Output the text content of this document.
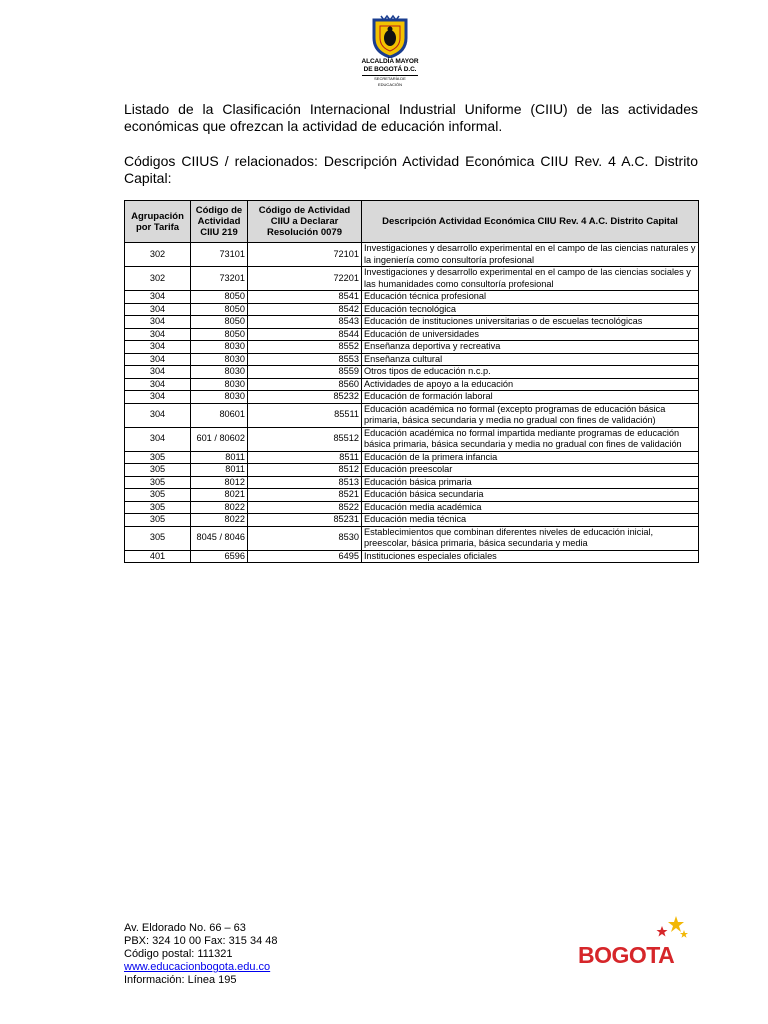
ALCALDÍA MAYOR
DE BOGOTÁ D.C.
SECRETARÍA DE EDUCACIÓN

Listado de la Clasificación Internacional Industrial Uniforme (CIIU) de las actividades económicas que ofrezcan la actividad de educación informal.

Códigos CIIUS / relacionados: Descripción Actividad Económica CIIU Rev. 4 A.C. Distrito Capital:

Agrupación por Tarifa	Código de Actividad CIIU 219	Código de Actividad CIIU a Declarar Resolución 0079	Descripción Actividad Económica CIIU Rev. 4 A.C. Distrito Capital
302	73101	72101	Investigaciones y desarrollo experimental en el campo de las ciencias naturales y la ingeniería como consultoría profesional
302	73201	72201	Investigaciones y desarrollo experimental en el campo de las ciencias sociales y las humanidades como consultoría profesional
304	8050	8541	Educación técnica profesional
304	8050	8542	Educación tecnológica
304	8050	8543	Educación de instituciones universitarias o de escuelas tecnológicas
304	8050	8544	Educación de universidades
304	8030	8552	Enseñanza deportiva y recreativa
304	8030	8553	Enseñanza cultural
304	8030	8559	Otros tipos de educación n.c.p.
304	8030	8560	Actividades de apoyo a la educación
304	8030	85232	Educación de formación laboral
304	80601	85511	Educación académica no formal (excepto programas de educación básica primaria, básica secundaria y media no gradual con fines de validación)
304	601 / 80602	85512	Educación académica no formal impartida mediante programas de educación básica primaria, básica secundaria y media no gradual con fines de validación
305	8011	8511	Educación de la primera infancia
305	8011	8512	Educación preescolar
305	8012	8513	Educación básica primaria
305	8021	8521	Educación básica secundaria
305	8022	8522	Educación media académica
305	8022	85231	Educación media técnica
305	8045 / 8046	8530	Establecimientos que combinan diferentes niveles de educación inicial, preescolar, básica primaria, básica secundaria y media
401	6596	6495	Instituciones especiales oficiales
Av. Eldorado No. 66 – 63
PBX: 324 10 00 Fax: 315 34 48
Código postal: 111321
www.educacionbogota.edu.co
Información: Línea 195
BOGOTA
